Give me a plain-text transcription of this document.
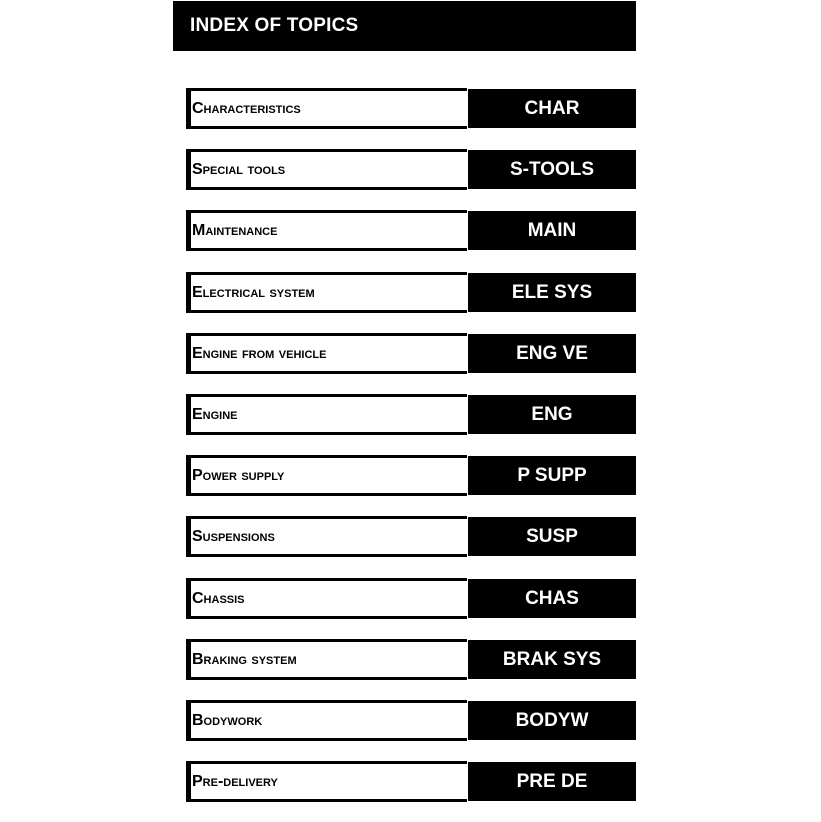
INDEX OF TOPICS
Characteristics	CHAR
Special tools	S-TOOLS
Maintenance	MAIN
Electrical system	ELE SYS
Engine from vehicle	ENG VE
Engine	ENG
Power supply	P SUPP
Suspensions	SUSP
Chassis	CHAS
Braking system	BRAK SYS
Bodywork	BODYW
Pre-delivery	PRE DE
